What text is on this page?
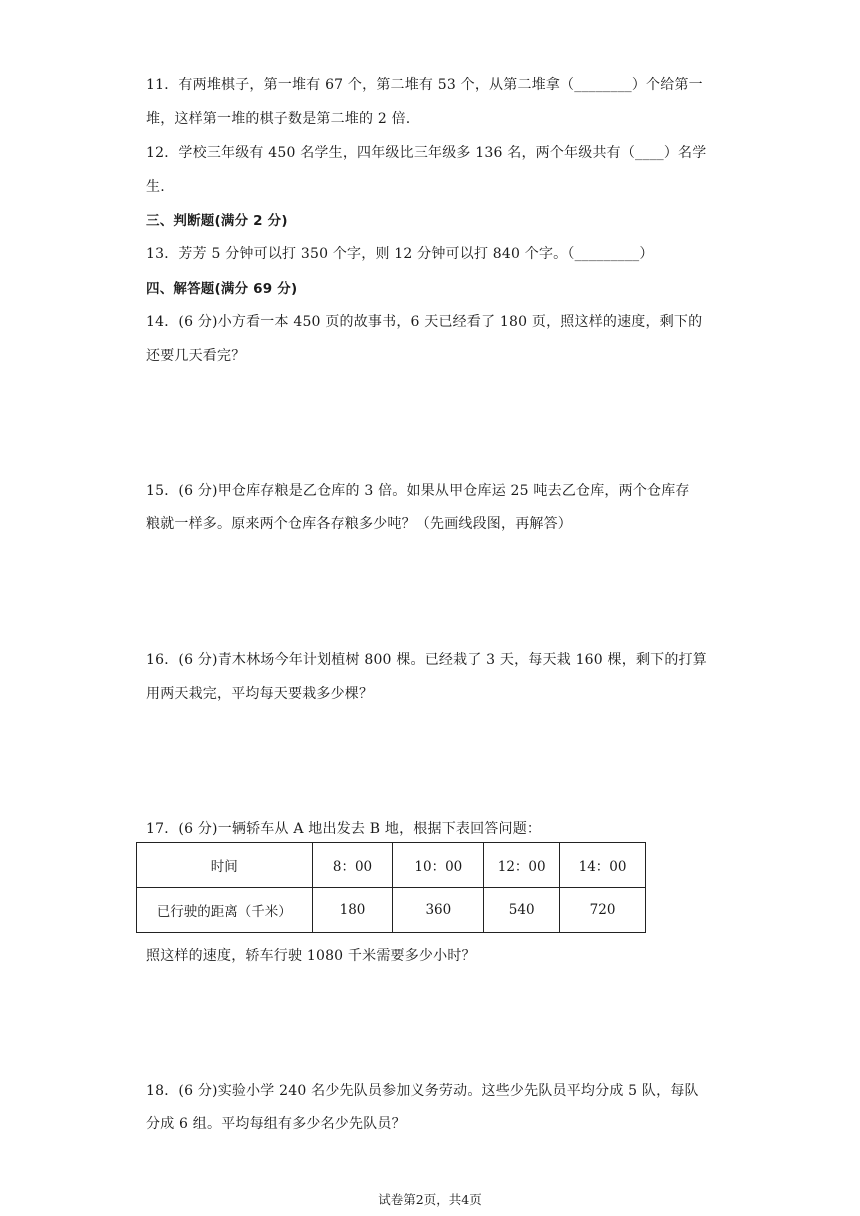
11．有两堆棋子，第一堆有 67 个，第二堆有 53 个，从第二堆拿（________）个给第一
堆，这样第一堆的棋子数是第二堆的 2 倍.
12．学校三年级有 450 名学生，四年级比三年级多 136 名，两个年级共有（____）名学
生.
三、判断题(满分 2 分)
13．芳芳 5 分钟可以打 350 个字，则 12 分钟可以打 840 个字。（_________）
四、解答题(满分 69 分)
14．(6 分)小方看一本 450 页的故事书，6 天已经看了 180 页，照这样的速度，剩下的
还要几天看完？
15．(6 分)甲仓库存粮是乙仓库的 3 倍。如果从甲仓库运 25 吨去乙仓库，两个仓库存
粮就一样多。原来两个仓库各存粮多少吨？（先画线段图，再解答）
16．(6 分)青木林场今年计划植树 800 棵。已经栽了 3 天，每天栽 160 棵，剩下的打算
用两天栽完，平均每天要栽多少棵？
17．(6 分)一辆轿车从 A 地出发去 B 地，根据下表回答问题：
时间	8：00	10：00	12：00	14：00
已行驶的距离（千米）	180	360	540	720
照这样的速度，轿车行驶 1080 千米需要多少小时？
18．(6 分)实验小学 240 名少先队员参加义务劳动。这些少先队员平均分成 5 队，每队
分成 6 组。平均每组有多少名少先队员？
试卷第2页，共4页
